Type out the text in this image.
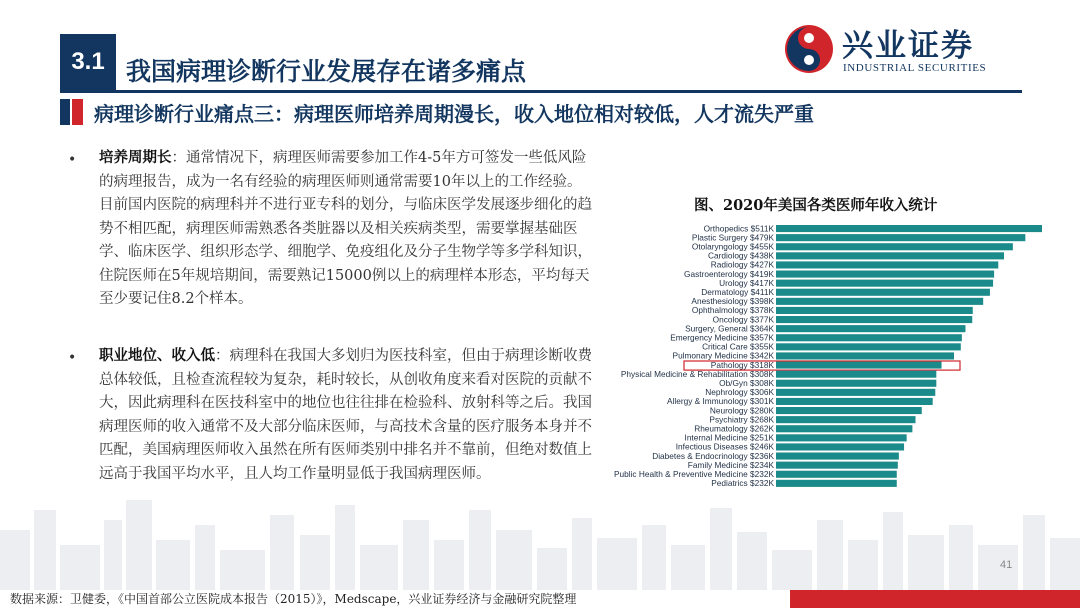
3.1 我国病理诊断行业发展存在诸多痛点
兴业证券
INDUSTRIAL SECURITIES
病理诊断行业痛点三：病理医师培养周期漫长，收入地位相对较低，人才流失严重
• 培养周期长：通常情况下，病理医师需要参加工作4-5年方可签发一些低风险的病理报告，成为一名有经验的病理医师则通常需要10年以上的工作经验。目前国内医院的病理科并不进行亚专科的划分，与临床医学发展逐步细化的趋势不相匹配，病理医师需熟悉各类脏器以及相关疾病类型，需要掌握基础医学、临床医学、组织形态学、细胞学、免疫组化及分子生物学等多学科知识，住院医师在5年规培期间，需要熟记15000例以上的病理样本形态，平均每天至少要记住8.2个样本。
• 职业地位、收入低：病理科在我国大多划归为医技科室，但由于病理诊断收费总体较低，且检查流程较为复杂，耗时较长，从创收角度来看对医院的贡献不大，因此病理科在医技科室中的地位也往往排在检验科、放射科等之后。我国病理医师的收入通常不及大部分临床医师，与高技术含量的医疗服务本身并不匹配，美国病理医师收入虽然在所有医师类别中排名并不靠前，但绝对数值上远高于我国平均水平，且人均工作量明显低于我国病理医师。
图、2020年美国各类医师年收入统计
Orthopedics $511K
Plastic Surgery $479K
Otolaryngology $455K
Cardiology $438K
Radiology $427K
Gastroenterology $419K
Urology $417K
Dermatology $411K
Anesthesiology $398K
Ophthalmology $378K
Oncology $377K
Surgery, General $364K
Emergency Medicine $357K
Critical Care $355K
Pulmonary Medicine $342K
Pathology $318K
Physical Medicine & Rehabilitation $308K
Ob/Gyn $308K
Nephrology $306K
Allergy & Immunology $301K
Neurology $280K
Psychiatry $268K
Rheumatology $262K
Internal Medicine $251K
Infectious Diseases $246K
Diabetes & Endocrinology $236K
Family Medicine $234K
Public Health & Preventive Medicine $232K
Pediatrics $232K
41
数据来源：卫健委，《中国首部公立医院成本报告（2015）》，Medscape，兴业证券经济与金融研究院整理
